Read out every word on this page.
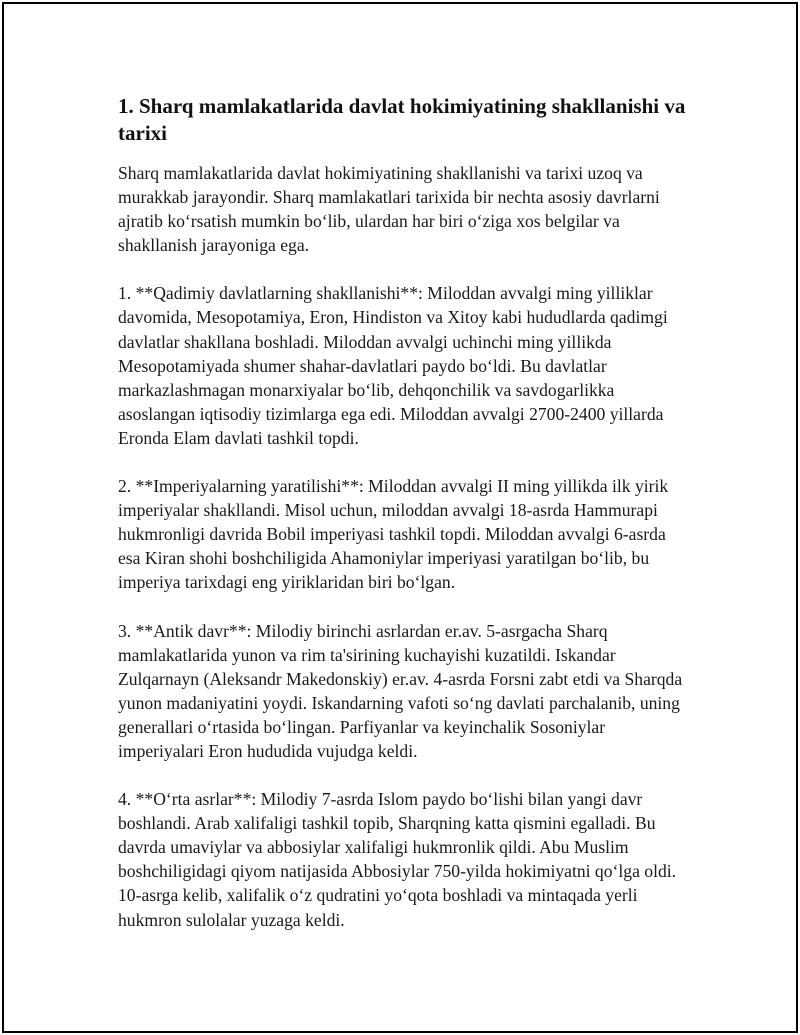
1. Sharq mamlakatlarida davlat hokimiyatining shakllanishi va tarixi

Sharq mamlakatlarida davlat hokimiyatining shakllanishi va tarixi uzoq va murakkab jarayondir. Sharq mamlakatlari tarixida bir nechta asosiy davrlarni ajratib koʻrsatish mumkin boʻlib, ulardan har biri oʻziga xos belgilar va shakllanish jarayoniga ega.

1. **Qadimiy davlatlarning shakllanishi**: Miloddan avvalgi ming yilliklar davomida, Mesopotamiya, Eron, Hindiston va Xitoy kabi hududlarda qadimgi davlatlar shakllana boshladi. Miloddan avvalgi uchinchi ming yillikda Mesopotamiyada shumer shahar-davlatlari paydo boʻldi. Bu davlatlar markazlashmagan monarxiyalar boʻlib, dehqonchilik va savdogarlikka asoslangan iqtisodiy tizimlarga ega edi. Miloddan avvalgi 2700-2400 yillarda Eronda Elam davlati tashkil topdi.

2. **Imperiyalarning yaratilishi**: Miloddan avvalgi II ming yillikda ilk yirik imperiyalar shakllandi. Misol uchun, miloddan avvalgi 18-asrda Hammurapi hukmronligi davrida Bobil imperiyasi tashkil topdi. Miloddan avvalgi 6-asrda esa Kiran shohi boshchiligida Ahamoniylar imperiyasi yaratilgan boʻlib, bu imperiya tarixdagi eng yiriklaridan biri boʻlgan.

3. **Antik davr**: Milodiy birinchi asrlardan er.av. 5-asrgacha Sharq mamlakatlarida yunon va rim ta'sirining kuchayishi kuzatildi. Iskandar Zulqarnayn (Aleksandr Makedonskiy) er.av. 4-asrda Forsni zabt etdi va Sharqda yunon madaniyatini yoydi. Iskandarning vafoti soʻng davlati parchalanib, uning generallari oʻrtasida boʻlingan. Parfiyanlar va keyinchalik Sosoniylar imperiyalari Eron hududida vujudga keldi.

4. **Oʻrta asrlar**: Milodiy 7-asrda Islom paydo boʻlishi bilan yangi davr boshlandi. Arab xalifaligi tashkil topib, Sharqning katta qismini egalladi. Bu davrda umaviylar va abbosiylar xalifaligi hukmronlik qildi. Abu Muslim boshchiligidagi qiyom natijasida Abbosiylar 750-yilda hokimiyatni qoʻlga oldi. 10-asrga kelib, xalifalik oʻz qudratini yoʻqota boshladi va mintaqada yerli hukmron sulolalar yuzaga keldi.
